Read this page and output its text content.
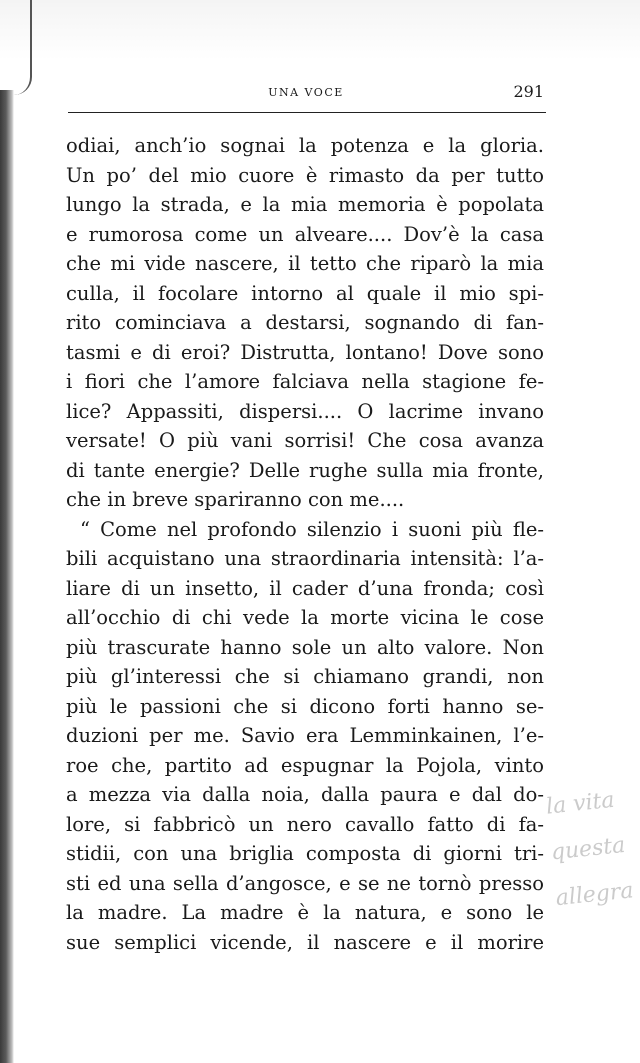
UNA VOCE	291
odiai, anch’io sognai la potenza e la gloria.
Un po’ del mio cuore è rimasto da per tutto
lungo la strada, e la mia memoria è popolata
e rumorosa come un alveare.... Dov’è la casa
che mi vide nascere, il tetto che riparò la mia
culla, il focolare intorno al quale il mio spi-
rito cominciava a destarsi, sognando di fan-
tasmi e di eroi? Distrutta, lontano! Dove sono
i fiori che l’amore falciava nella stagione fe-
lice? Appassiti, dispersi.... O lacrime invano
versate! O più vani sorrisi! Che cosa avanza
di tante energie? Delle rughe sulla mia fronte,
che in breve spariranno con me....
“ Come nel profondo silenzio i suoni più fle-
bili acquistano una straordinaria intensità: l’a-
liare di un insetto, il cader d’una fronda; così
all’occhio di chi vede la morte vicina le cose
più trascurate hanno sole un alto valore. Non
più gl’interessi che si chiamano grandi, non
più le passioni che si dicono forti hanno se-
duzioni per me. Savio era Lemminkainen, l’e-
roe che, partito ad espugnar la Pojola, vinto
a mezza via dalla noia, dalla paura e dal do-
lore, si fabbricò un nero cavallo fatto di fa-
stidii, con una briglia composta di giorni tri-
sti ed una sella d’angosce, e se ne tornò presso
la madre. La madre è la natura, e sono le
sue semplici vicende, il nascere e il morire
la vita
questa
allegra
